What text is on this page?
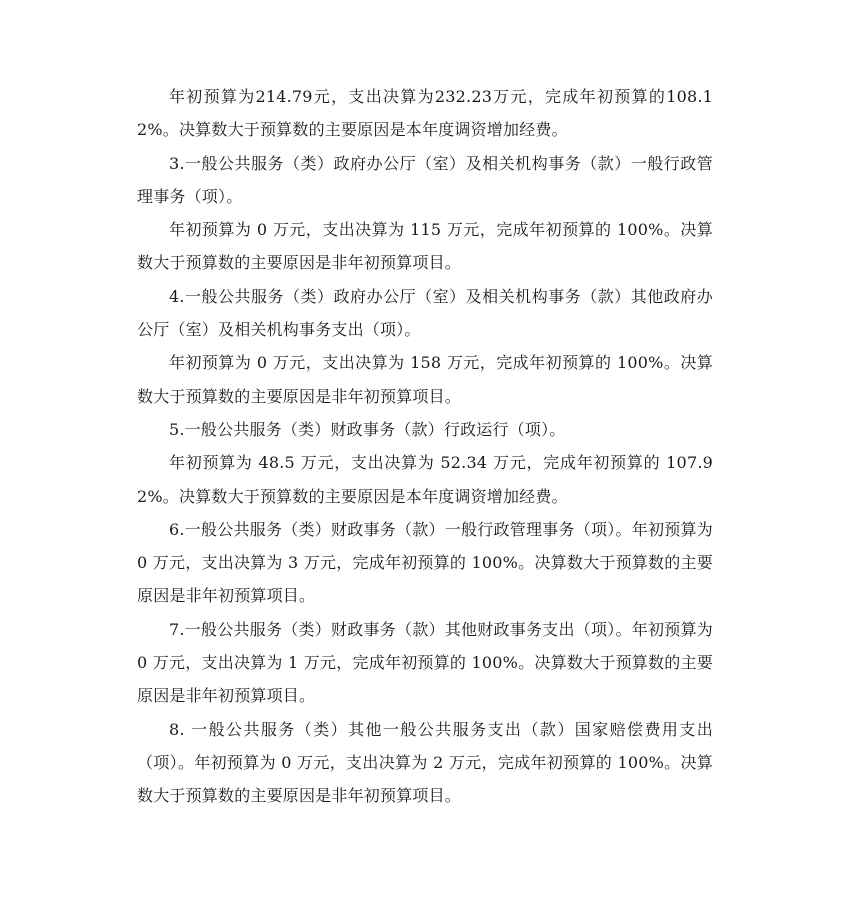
年初预算为214.79元，支出决算为232.23万元，完成年初预算的108.12%。决算数大于预算数的主要原因是本年度调资增加经费。

3.一般公共服务（类）政府办公厅（室）及相关机构事务（款）一般行政管理事务（项）。

年初预算为 0 万元，支出决算为 115 万元，完成年初预算的 100%。决算数大于预算数的主要原因是非年初预算项目。

4.一般公共服务（类）政府办公厅（室）及相关机构事务（款）其他政府办公厅（室）及相关机构事务支出（项）。

年初预算为 0 万元，支出决算为 158 万元，完成年初预算的 100%。决算数大于预算数的主要原因是非年初预算项目。

5.一般公共服务（类）财政事务（款）行政运行（项）。

年初预算为 48.5 万元，支出决算为 52.34 万元，完成年初预算的 107.92%。决算数大于预算数的主要原因是本年度调资增加经费。

6.一般公共服务（类）财政事务（款）一般行政管理事务（项）。年初预算为 0 万元，支出决算为 3 万元，完成年初预算的 100%。决算数大于预算数的主要原因是非年初预算项目。

7.一般公共服务（类）财政事务（款）其他财政事务支出（项）。年初预算为 0 万元，支出决算为 1 万元，完成年初预算的 100%。决算数大于预算数的主要原因是非年初预算项目。

8. 一般公共服务（类）其他一般公共服务支出（款）国家赔偿费用支出（项）。年初预算为 0 万元，支出决算为 2 万元，完成年初预算的 100%。决算数大于预算数的主要原因是非年初预算项目。
